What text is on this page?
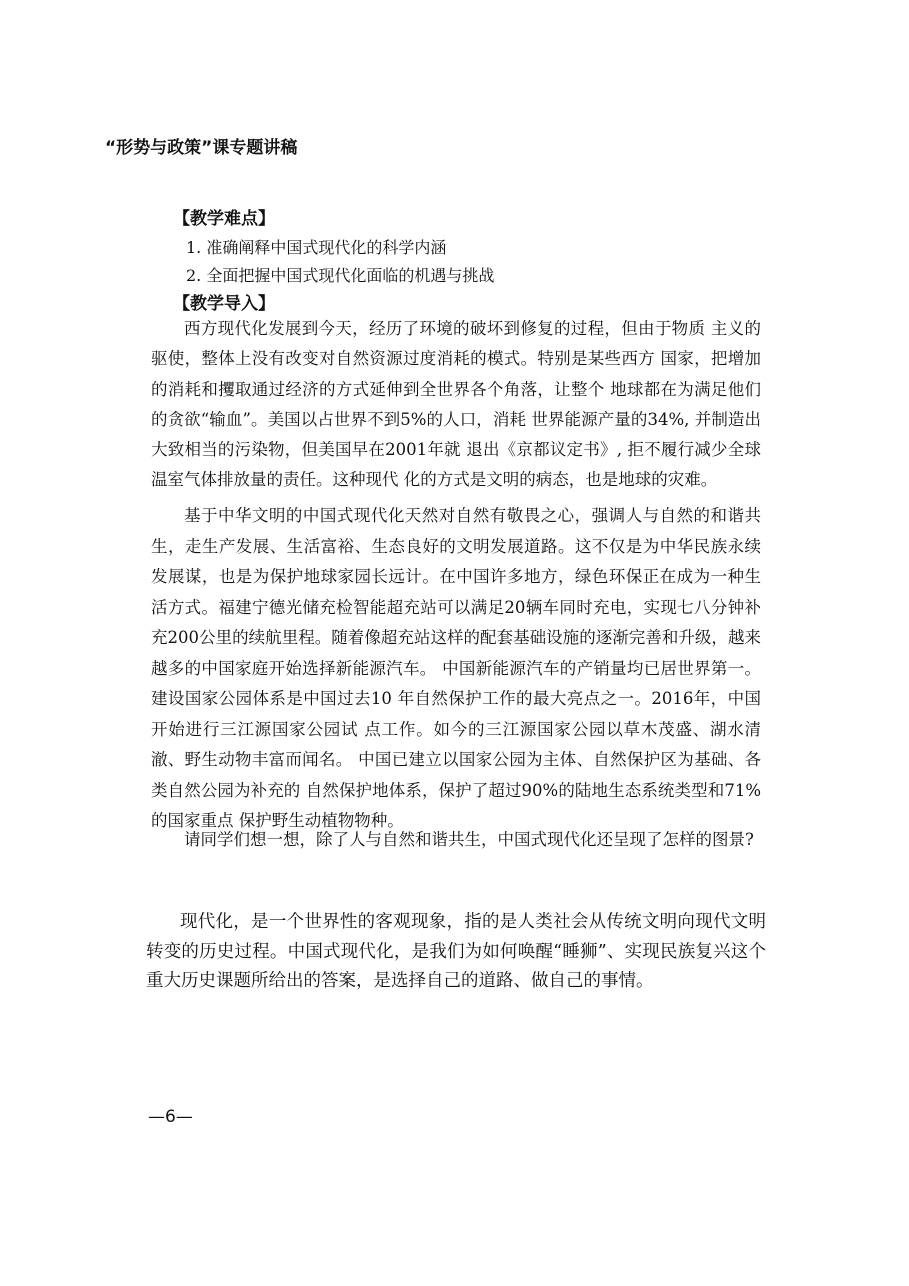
“形势与政策”课专题讲稿
【教学难点】
1. 准确阐释中国式现代化的科学内涵
2. 全面把握中国式现代化面临的机遇与挑战
【教学导入】

西方现代化发展到今天，经历了环境的破坏到修复的过程，但由于物质 主义的驱使，整体上没有改变对自然资源过度消耗的模式。特别是某些西方 国家，把增加的消耗和攫取通过经济的方式延伸到全世界各个角落，让整个 地球都在为满足他们的贪欲“输血”。美国以占世界不到5%的人口，消耗 世界能源产量的34%, 并制造出大致相当的污染物，但美国早在2001年就 退出《京都议定书》, 拒不履行减少全球温室气体排放量的责任。这种现代 化的方式是文明的病态，也是地球的灾难。

基于中华文明的中国式现代化天然对自然有敬畏之心，强调人与自然的和谐共生，走生产发展、生活富裕、生态良好的文明发展道路。这不仅是为中华民族永续发展谋，也是为保护地球家园长远计。在中国许多地方，绿色环保正在成为一种生活方式。福建宁德光储充检智能超充站可以满足20辆车同时充电，实现七八分钟补充200公里的续航里程。随着像超充站这样的配套基础设施的逐渐完善和升级，越来越多的中国家庭开始选择新能源汽车。 中国新能源汽车的产销量均已居世界第一。建设国家公园体系是中国过去10 年自然保护工作的最大亮点之一。2016年，中国开始进行三江源国家公园试 点工作。如今的三江源国家公园以草木茂盛、湖水清澈、野生动物丰富而闻名。 中国已建立以国家公园为主体、自然保护区为基础、各类自然公园为补充的 自然保护地体系，保护了超过90%的陆地生态系统类型和71%的国家重点 保护野生动植物物种。

请同学们想一想，除了人与自然和谐共生，中国式现代化还呈现了怎样的图景?

现代化，是一个世界性的客观现象，指的是人类社会从传统文明向现代文明转变的历史过程。中国式现代化，是我们为如何唤醒“睡狮”、实现民族复兴这个重大历史课题所给出的答案，是选择自己的道路、做自己的事情。

—6—
